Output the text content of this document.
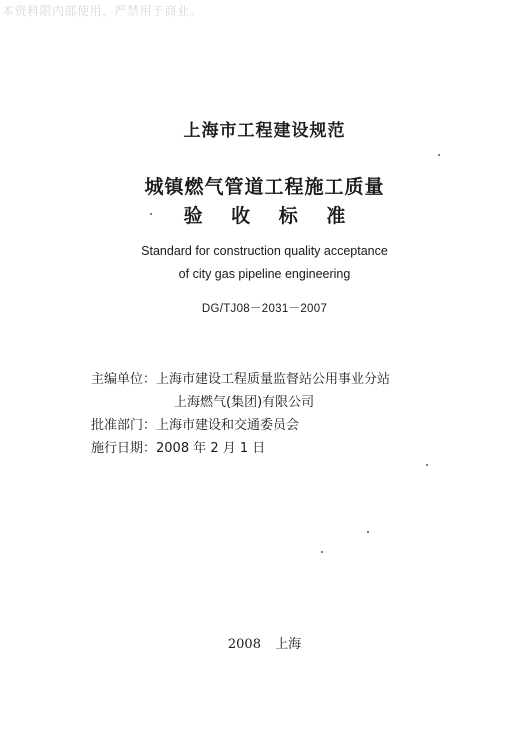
本资料限内部使用，严禁用于商业。
上海市工程建设规范
城镇燃气管道工程施工质量
验 收 标 准
Standard for construction quality acceptance
of city gas pipeline engineering
DG/TJ08－2031－2007
主编单位：上海市建设工程质量监督站公用事业分站
上海燃气(集团)有限公司
批准部门：上海市建设和交通委员会
施行日期：2008 年 2 月 1 日
2008 上海
